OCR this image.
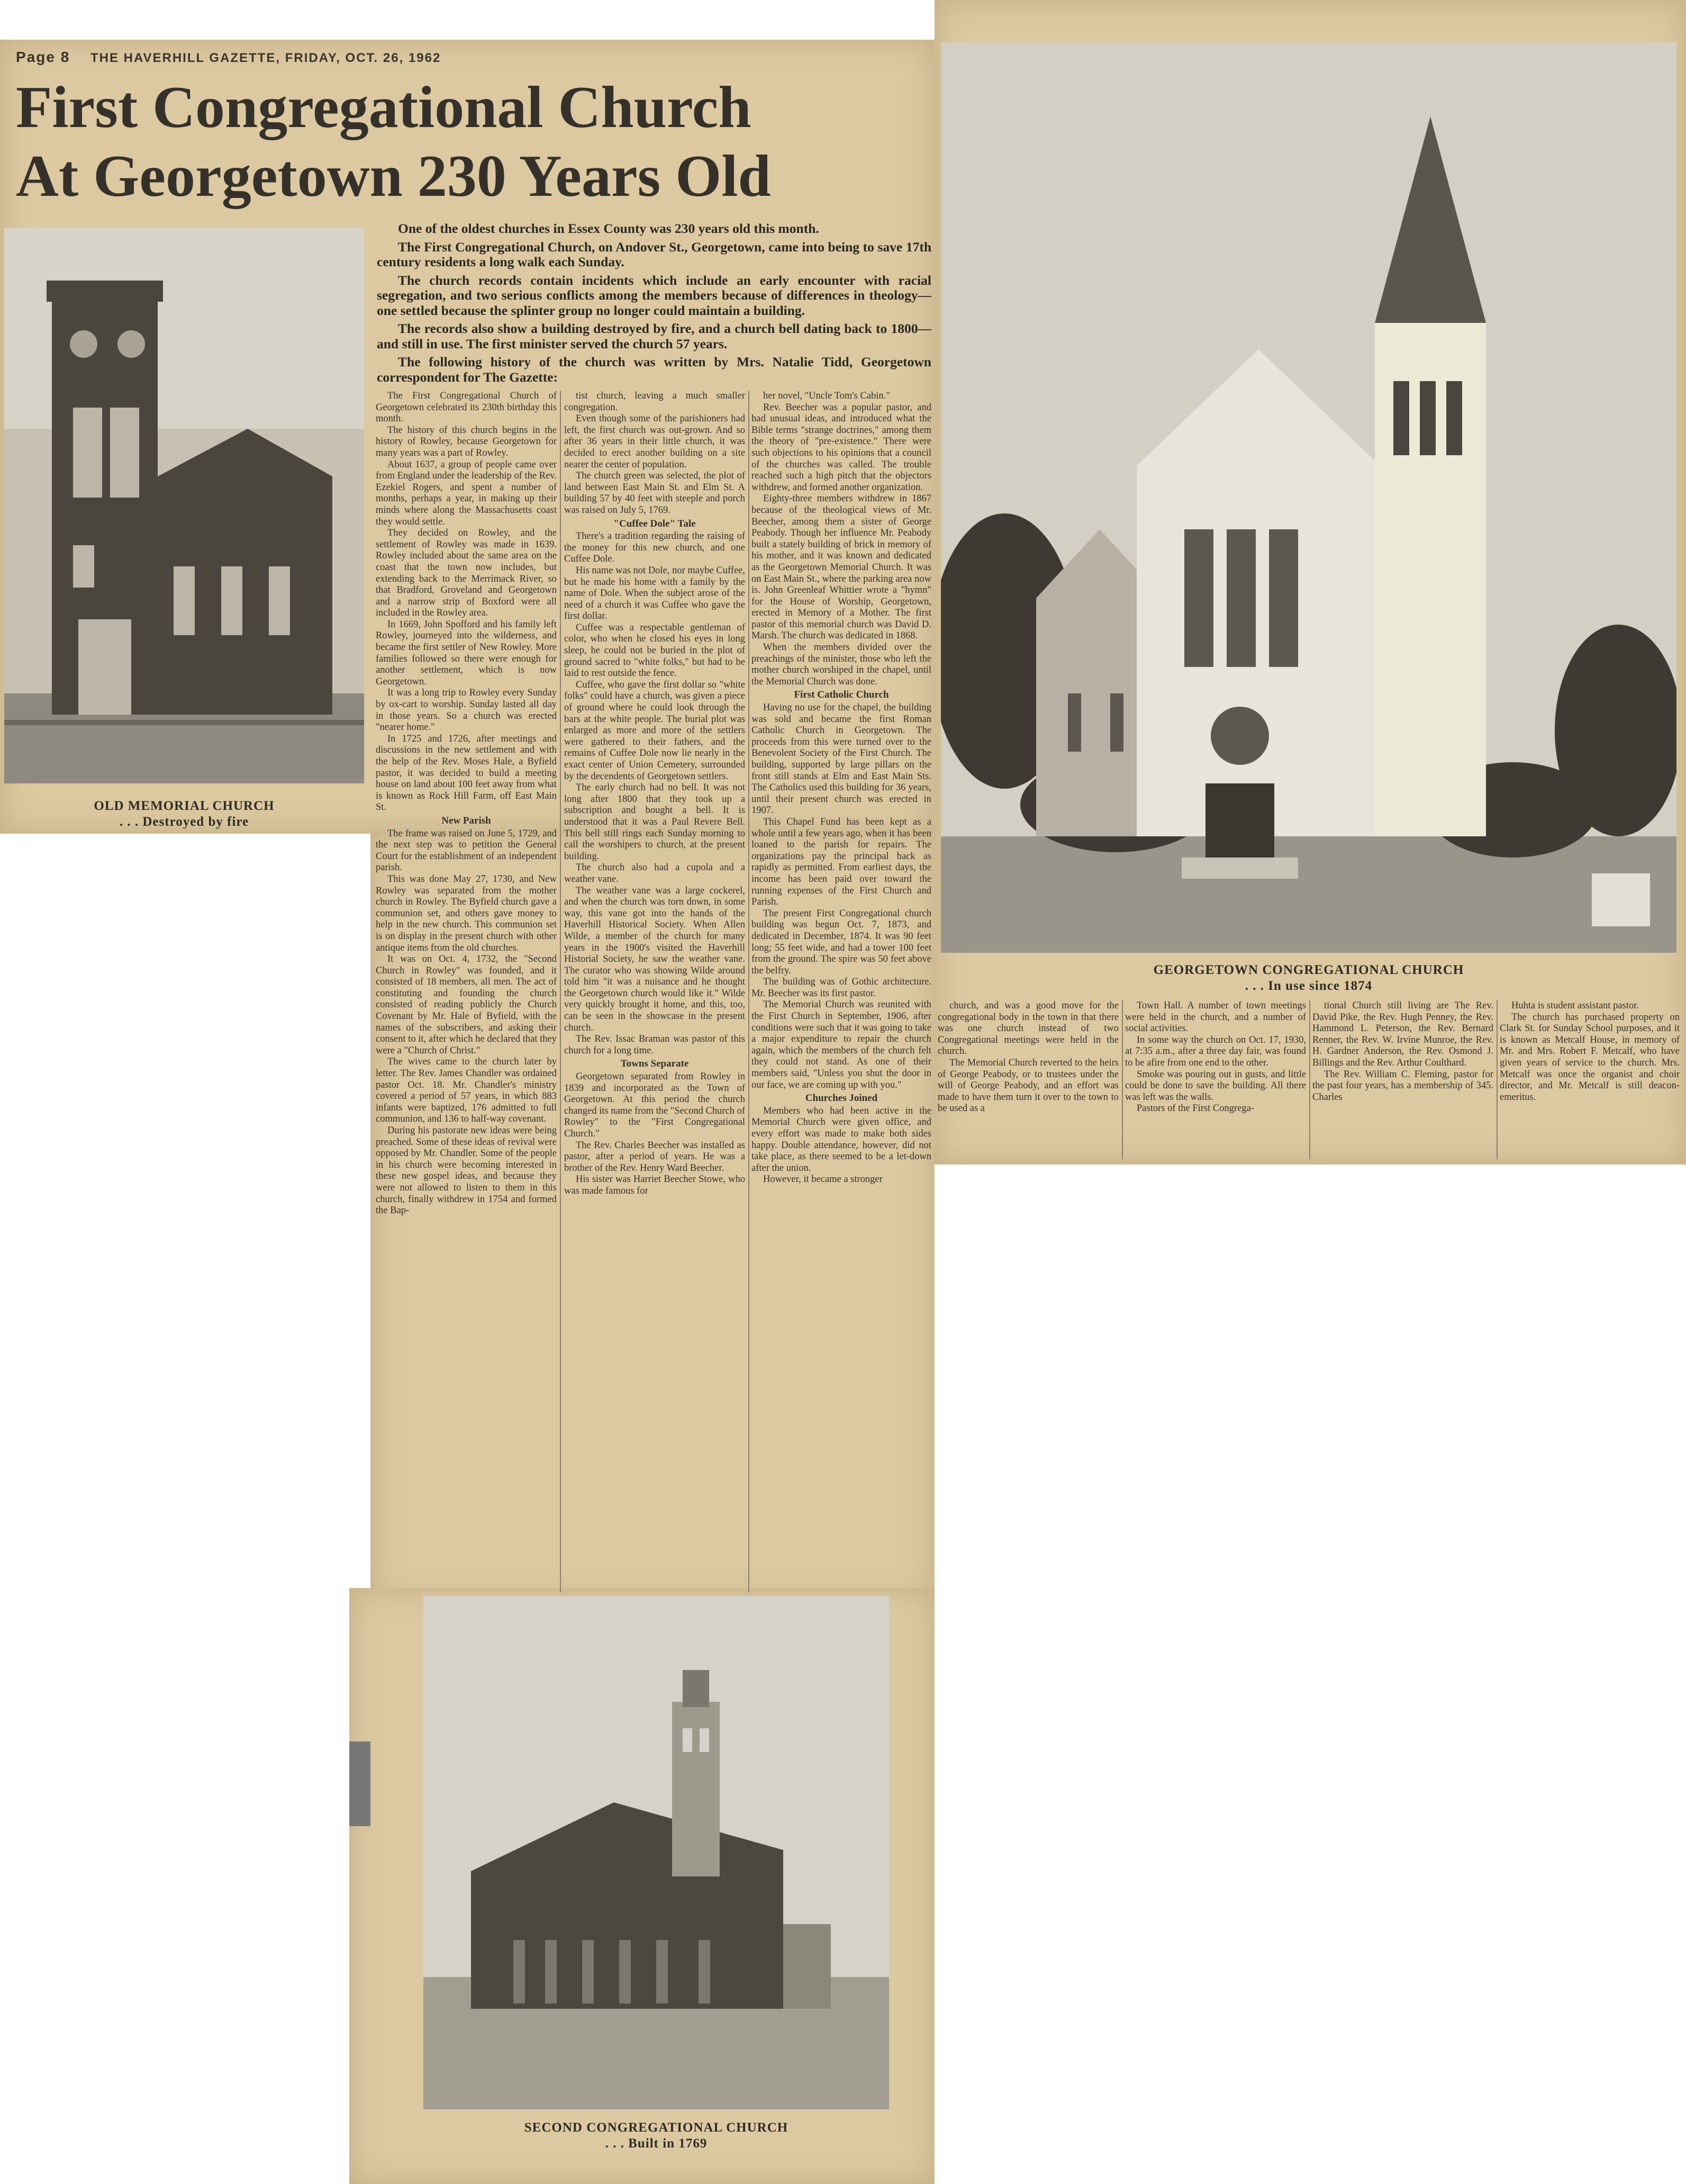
Page 8 THE HAVERHILL GAZETTE, FRIDAY, OCT. 26, 1962
First Congregational Church
At Georgetown 230 Years Old

One of the oldest churches in Essex County was 230 years old this month.

The First Congregational Church, on Andover St., Georgetown, came into being to save 17th century residents a long walk each Sunday.

The church records contain incidents which include an early encounter with racial segregation, and two serious conflicts among the members because of differences in theology—one settled because the splinter group no longer could maintain a building.

The records also show a building destroyed by fire, and a church bell dating back to 1800—and still in use. The first minister served the church 57 years.

The following history of the church was written by Mrs. Natalie Tidd, Georgetown correspondent for The Gazette:

OLD MEMORIAL CHURCH
. . . Destroyed by fire

The First Congregational Church of Georgetown celebrated its 230th birthday this month.

The history of this church begins in the history of Rowley, because Georgetown for many years was a part of Rowley.

About 1637, a group of people came over from England under the leadership of the Rev. Ezekiel Rogers, and spent a number of months, perhaps a year, in making up their minds where along the Massachusetts coast they would settle.

They decided on Rowley, and the settlement of Rowley was made in 1639. Rowley included about the same area on the coast that the town now includes, but extending back to the Merrimack River, so that Bradford, Groveland and Georgetown and a narrow strip of Boxford were all included in the Rowley area.

In 1669, John Spofford and his family left Rowley, journeyed into the wilderness, and became the first settler of New Rowley. More families followed so there were enough for another settlement, which is now Georgetown.

It was a long trip to Rowley every Sunday by ox-cart to worship. Sunday lasted all day in those years. So a church was erected "nearer home."

In 1725 and 1726, after meetings and discussions in the new settlement and with the help of the Rev. Moses Hale, a Byfield pastor, it was decided to build a meeting house on land about 100 feet away from what is known as Rock Hill Farm, off East Main St.

New Parish

The frame was raised on June 5, 1729, and the next step was to petition the General Court for the establishment of an independent parish.

This was done May 27, 1730, and New Rowley was separated from the mother church in Rowley. The Byfield church gave a communion set, and others gave money to help in the new church. This communion set is on display in the present church with other antique items from the old churches.

It was on Oct. 4, 1732, the "Second Church in Rowley" was founded, and it consisted of 18 members, all men. The act of constituting and founding the church consisted of reading publicly the Church Covenant by Mr. Hale of Byfield, with the names of the subscribers, and asking their consent to it, after which he declared that they were a "Church of Christ."

The wives came to the church later by letter. The Rev. James Chandler was ordained pastor Oct. 18. Mr. Chandler's ministry covered a period of 57 years, in which 883 infants were baptized, 176 admitted to full communion, and 136 to half-way covenant.

During his pastorate new ideas were being preached. Some of these ideas of revival were opposed by Mr. Chandler. Some of the people in his church were becoming interested in these new gospel ideas, and because they were not allowed to listen to them in this church, finally withdrew in 1754 and formed the Bap-

tist church, leaving a much smaller congregation.

Even though some of the parishioners had left, the first church was out-grown. And so after 36 years in their little church, it was decided to erect another building on a site nearer the center of population.

The church green was selected, the plot of land between East Main St. and Elm St. A building 57 by 40 feet with steeple and porch was raised on July 5, 1769.

"Cuffee Dole" Tale

There's a tradition regarding the raising of the money for this new church, and one Cuffee Dole.

His name was not Dole, nor maybe Cuffee, but he made his home with a family by the name of Dole. When the subject arose of the need of a church it was Cuffee who gave the first dollar.

Cuffee was a respectable gentleman of color, who when he closed his eyes in long sleep, he could not be buried in the plot of ground sacred to "white folks," but had to be laid to rest outside the fence.

Cuffee, who gave the first dollar so "white folks" could have a church, was given a piece of ground where he could look through the bars at the white people. The burial plot was enlarged as more and more of the settlers were gathered to their fathers, and the remains of Cuffee Dole now lie nearly in the exact center of Union Cemetery, surrounded by the decendents of Georgetown settlers.

The early church had no bell. It was not long after 1800 that they took up a subscription and bought a bell. It is understood that it was a Paul Revere Bell. This bell still rings each Sunday morning to call the worshipers to church, at the present building.

The church also had a cupola and a weather vane.

The weather vane was a large cockerel, and when the church was torn down, in some way, this vane got into the hands of the Haverhill Historical Society. When Allen Wilde, a member of the church for many years in the 1900's visited the Haverhill Historial Society, he saw the weather vane. The curator who was showing Wilde around told him "it was a nuisance and he thought the Georgetown church would like it." Wilde very quickly brought it home, and this, too, can be seen in the showcase in the present church.

The Rev. Issac Braman was pastor of this church for a long time.

Towns Separate

Georgetown separated from Rowley in 1839 and incorporated as the Town of Georgetown. At this period the church changed its name from the "Second Church of Rowley" to the "First Congregational Church."

The Rev. Charles Beecher was installed as pastor, after a period of years. He was a brother of the Rev. Henry Ward Beecher.

His sister was Harriet Beecher Stowe, who was made famous for

her novel, "Uncle Tom's Cabin."

Rev. Beecher was a popular pastor, and had unusual ideas, and introduced what the Bible terms "strange doctrines," among them the theory of "pre-existence." There were such objections to his opinions that a council of the churches was called. The trouble reached such a high pitch that the objectors withdrew, and formed another organization.

Eighty-three members withdrew in 1867 because of the theological views of Mr. Beecher, among them a sister of George Peabody. Though her influence Mr. Peabody built a stately building of brick in memory of his mother, and it was known and dedicated as the Georgetown Memorial Church. It was on East Main St., where the parking area now is. John Greenleaf Whittier wrote a "hymn" for the House of Worship, Georgetown, erected in Memory of a Mother. The first pastor of this memorial church was David D. Marsh. The church was dedicated in 1868.

When the members divided over the preachings of the minister, those who left the mother church worshiped in the chapel, until the Memorial Church was done.

First Catholic Church

Having no use for the chapel, the building was sold and became the first Roman Catholic Church in Georgetown. The proceeds from this were turned over to the Benevolent Society of the First Church. The building, supported by large pillars on the front still stands at Elm and East Main Sts. The Catholics used this building for 36 years, until their present church was erected in 1907.

This Chapel Fund has been kept as a whole until a few years ago, when it has been loaned to the parish for repairs. The organizations pay the principal back as rapidly as permitted. From earliest days, the income has been paid over toward the running expenses of the First Church and Parish.

The present First Congregational church building was begun Oct. 7, 1873, and dedicated in December, 1874. It was 90 feet long; 55 feet wide, and had a tower 100 feet from the ground. The spire was 50 feet above the belfry.

The building was of Gothic architecture. Mr. Beecher was its first pastor.

The Memorial Church was reunited with the First Church in September, 1906, after conditions were such that it was going to take a major expenditure to repair the church again, which the members of the church felt they could not stand. As one of their members said, "Unless you shut the door in our face, we are coming up with you."

Churches Joined

Members who had been active in the Memorial Church were given office, and every effort was made to make both sides happy. Double attendance, however, did not take place, as there seemed to be a let-down after the union.

However, it became a stronger

GEORGETOWN CONGREGATIONAL CHURCH
. . . In use since 1874

church, and was a good move for the congregational body in the town in that there was one church instead of two Congregational meetings were held in the church.

The Memorial Church reverted to the heirs of George Peabody, or to trustees under the will of George Peabody, and an effort was made to have them turn it over to the town to be used as a

Town Hall. A number of town meetings were held in the church, and a number of social activities.

In some way the church on Oct. 17, 1930, at 7:35 a.m., after a three day fair, was found to be afire from one end to the other.

Smoke was pouring out in gusts, and little could be done to save the building. All there was left was the walls.

Pastors of the First Congrega-

tional Church still living are The Rev. David Pike, the Rev. Hugh Penney, the Rev. Hammond L. Peterson, the Rev. Bernard Renner, the Rev. W. Irvine Munroe, the Rev. H. Gardner Anderson, the Rev. Osmond J. Billings and the Rev. Arthur Coulthard.

The Rev. William C. Fleming, pastor for the past four years, has a membership of 345. Charles

Huhta is student assistant pastor.

The church has purchased property on Clark St. for Sunday School purposes, and it is known as Metcalf House, in memory of Mr. and Mrs. Robert F. Metcalf, who have given years of service to the church. Mrs. Metcalf was once the organist and choir director, and Mr. Metcalf is still deacon-emeritus.

SECOND CONGREGATIONAL CHURCH
. . . Built in 1769
